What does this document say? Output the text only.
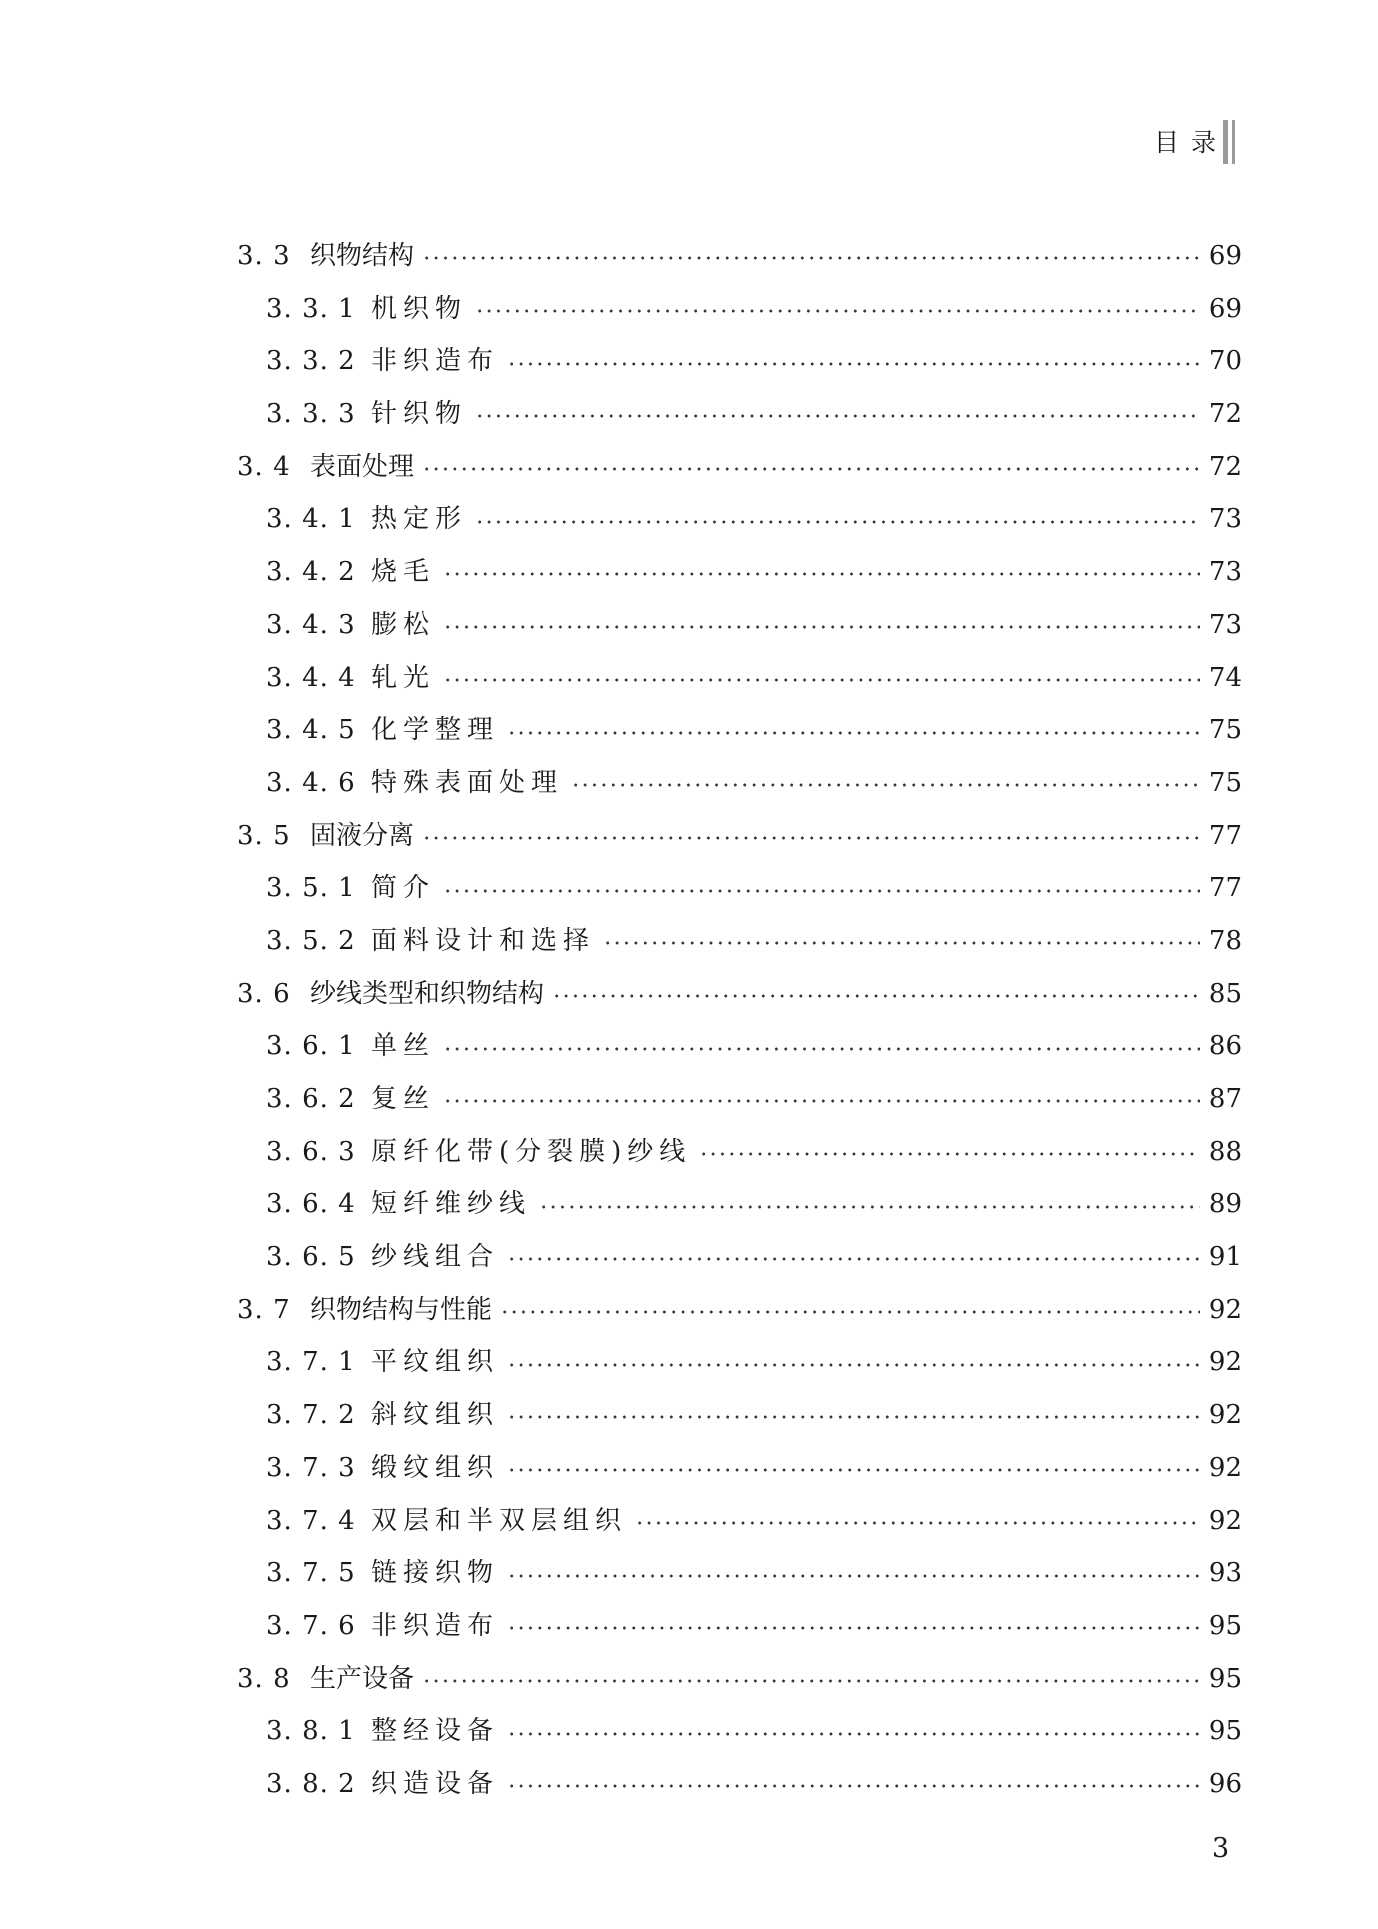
目 录
3. 3 织物结构	69
3. 3. 1 机织物	69
3. 3. 2 非织造布	70
3. 3. 3 针织物	72
3. 4 表面处理	72
3. 4. 1 热定形	73
3. 4. 2 烧毛	73
3. 4. 3 膨松	73
3. 4. 4 轧光	74
3. 4. 5 化学整理	75
3. 4. 6 特殊表面处理	75
3. 5 固液分离	77
3. 5. 1 简介	77
3. 5. 2 面料设计和选择	78
3. 6 纱线类型和织物结构	85
3. 6. 1 单丝	86
3. 6. 2 复丝	87
3. 6. 3 原纤化带(分裂膜)纱线	88
3. 6. 4 短纤维纱线	89
3. 6. 5 纱线组合	91
3. 7 织物结构与性能	92
3. 7. 1 平纹组织	92
3. 7. 2 斜纹组织	92
3. 7. 3 缎纹组织	92
3. 7. 4 双层和半双层组织	92
3. 7. 5 链接织物	93
3. 7. 6 非织造布	95
3. 8 生产设备	95
3. 8. 1 整经设备	95
3. 8. 2 织造设备	96
3
